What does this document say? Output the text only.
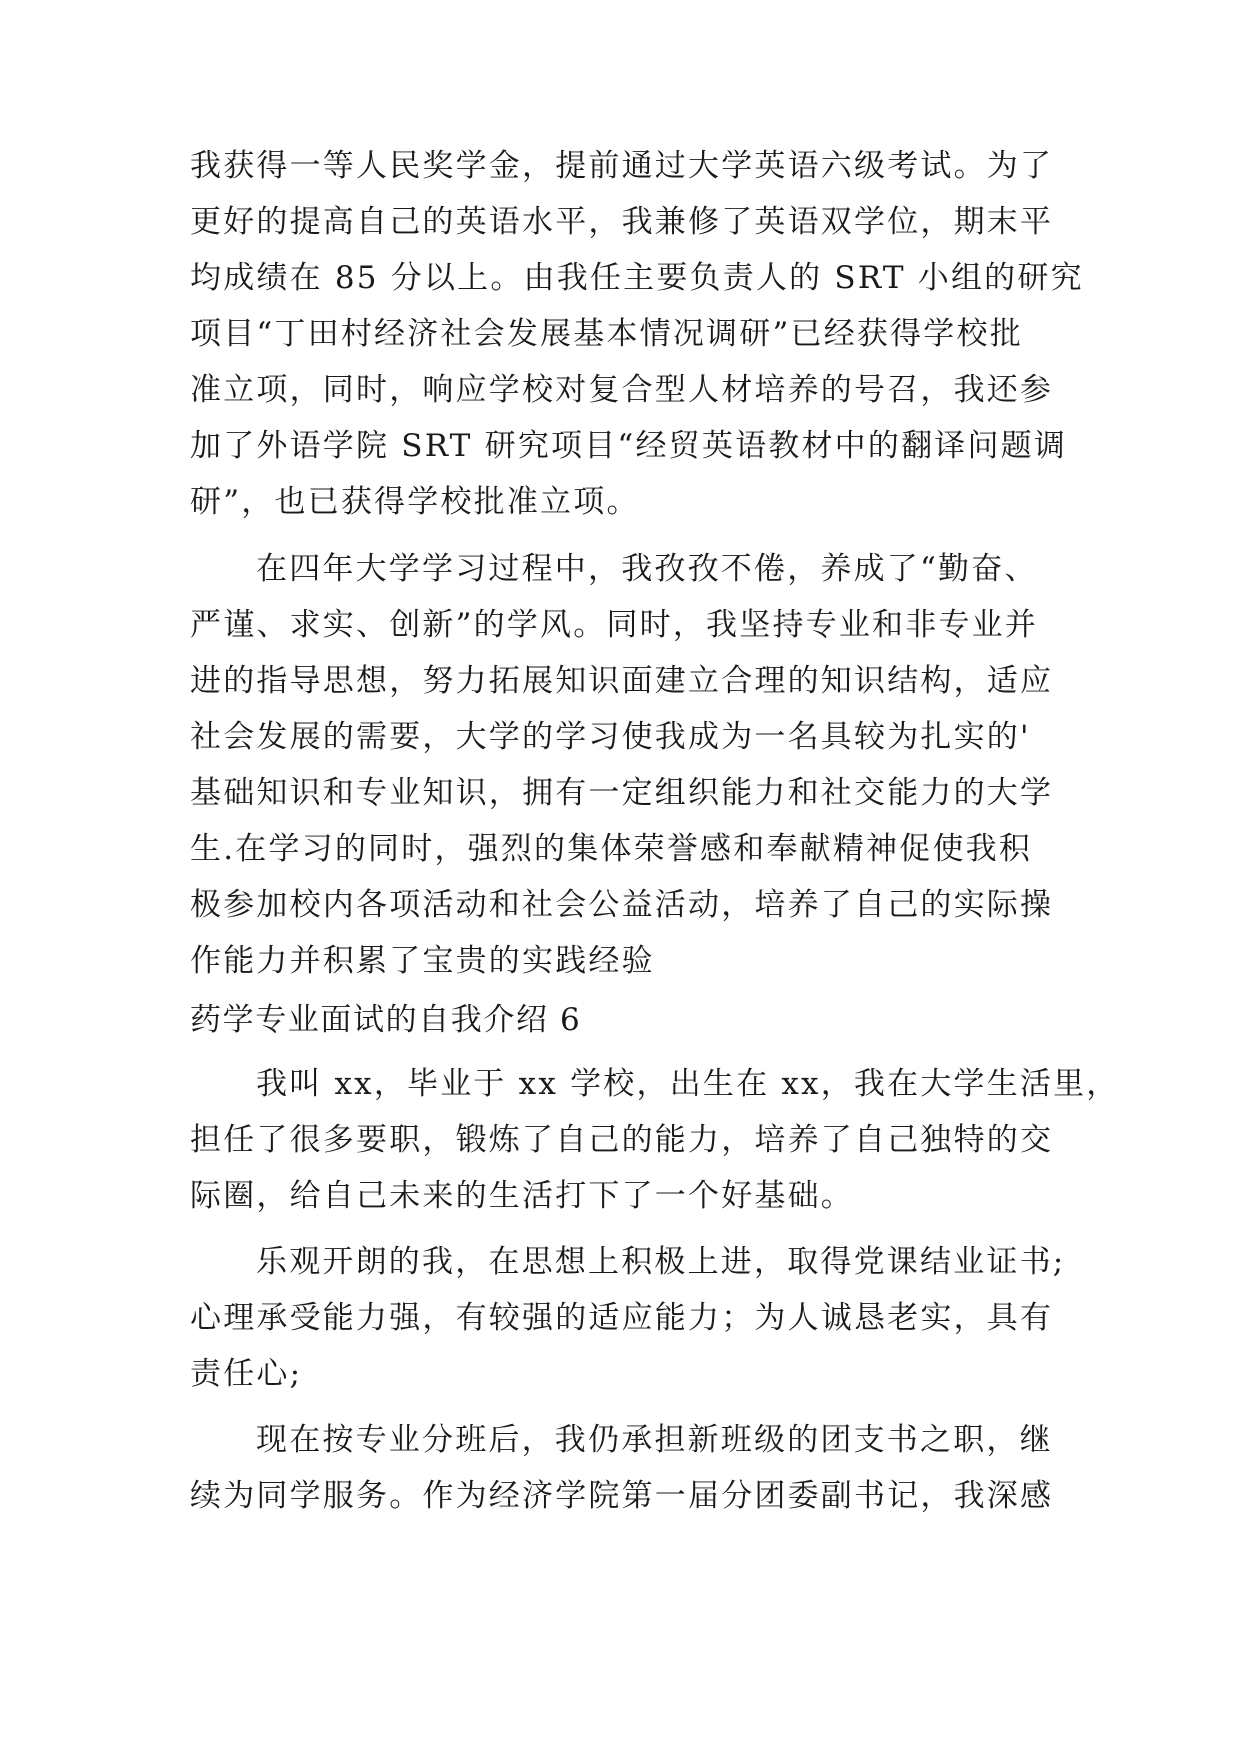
我获得一等人民奖学金，提前通过大学英语六级考试。为了
更好的提高自己的英语水平，我兼修了英语双学位，期末平
均成绩在 85 分以上。由我任主要负责人的 SRT 小组的研究
项目“丁田村经济社会发展基本情况调研”已经获得学校批
准立项，同时，响应学校对复合型人材培养的号召，我还参
加了外语学院 SRT 研究项目“经贸英语教材中的翻译问题调
研”，也已获得学校批准立项。
在四年大学学习过程中，我孜孜不倦，养成了“勤奋、
严谨、求实、创新”的学风。同时，我坚持专业和非专业并
进的指导思想，努力拓展知识面建立合理的知识结构，适应
社会发展的需要，大学的学习使我成为一名具较为扎实的'
基础知识和专业知识，拥有一定组织能力和社交能力的大学
生.在学习的同时，强烈的集体荣誉感和奉献精神促使我积
极参加校内各项活动和社会公益活动，培养了自己的实际操
作能力并积累了宝贵的实践经验
药学专业面试的自我介绍 6
我叫 xx，毕业于 xx 学校，出生在 xx，我在大学生活里，
担任了很多要职，锻炼了自己的能力，培养了自己独特的交
际圈，给自己未来的生活打下了一个好基础。
乐观开朗的我，在思想上积极上进，取得党课结业证书;
心理承受能力强，有较强的适应能力；为人诚恳老实，具有
责任心;
现在按专业分班后，我仍承担新班级的团支书之职，继
续为同学服务。作为经济学院第一届分团委副书记，我深感
